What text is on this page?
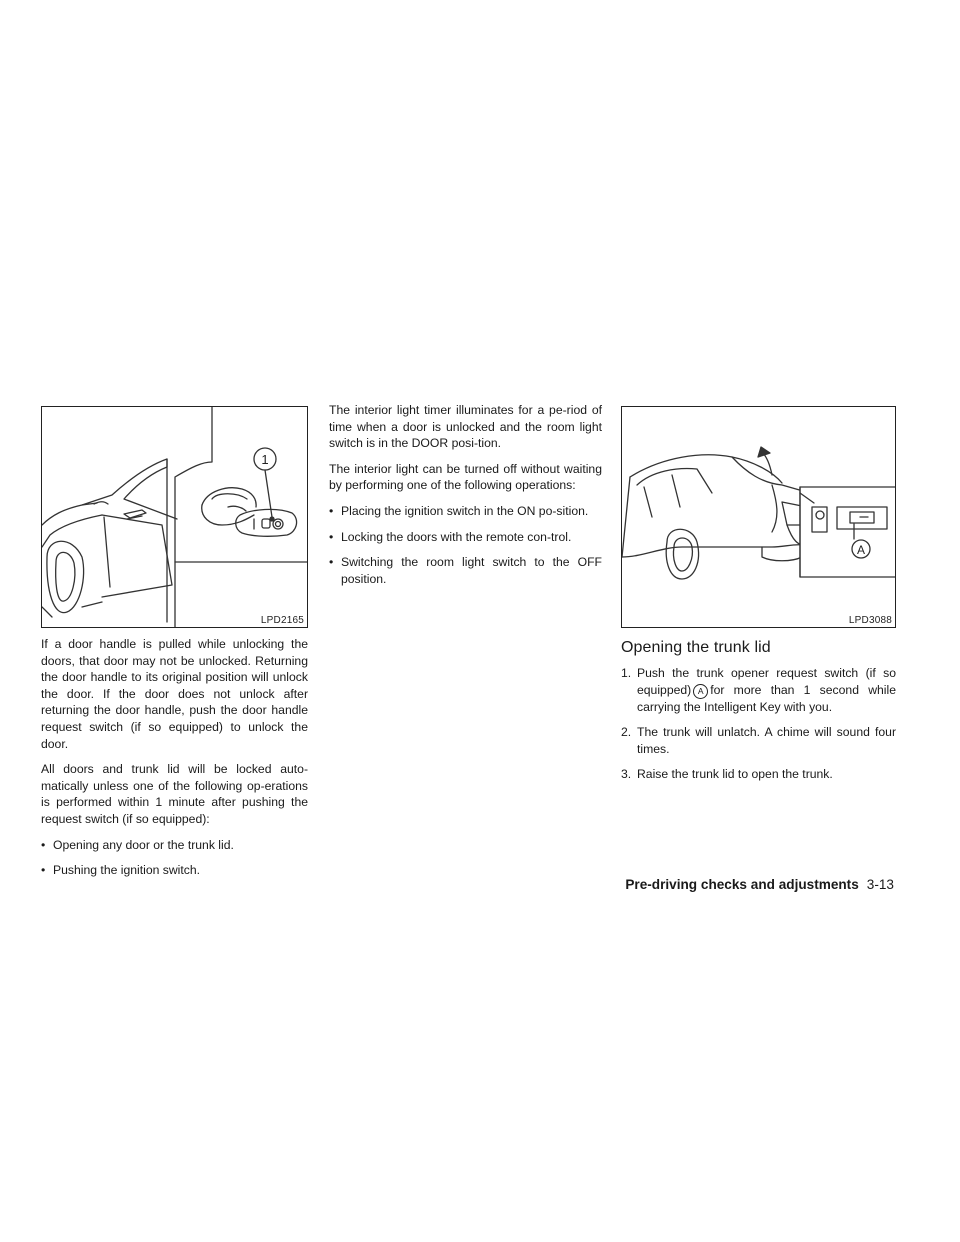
1
LPD2165

If a door handle is pulled while unlocking the doors, that door may not be unlocked. Returning the door handle to its original position will unlock the door. If the door does not unlock after returning the door handle, push the door handle request switch (if so equipped) to unlock the door.

All doors and trunk lid will be locked auto-matically unless one of the following op-erations is performed within 1 minute after pushing the request switch (if so equipped):

• Opening any door or the trunk lid.
• Pushing the ignition switch.

The interior light timer illuminates for a pe-riod of time when a door is unlocked and the room light switch is in the DOOR posi-tion.

The interior light can be turned off without waiting by performing one of the following operations:

• Placing the ignition switch in the ON po-sition.
• Locking the doors with the remote con-trol.
• Switching the room light switch to the OFF position.
A
LPD3088
Opening the trunk lid
1. Push the trunk opener request switch (if so equipped) A for more than 1 second while carrying the Intelligent Key with you.
2. The trunk will unlatch. A chime will sound four times.
3. Raise the trunk lid to open the trunk.
Pre-driving checks and adjustments 3-13
